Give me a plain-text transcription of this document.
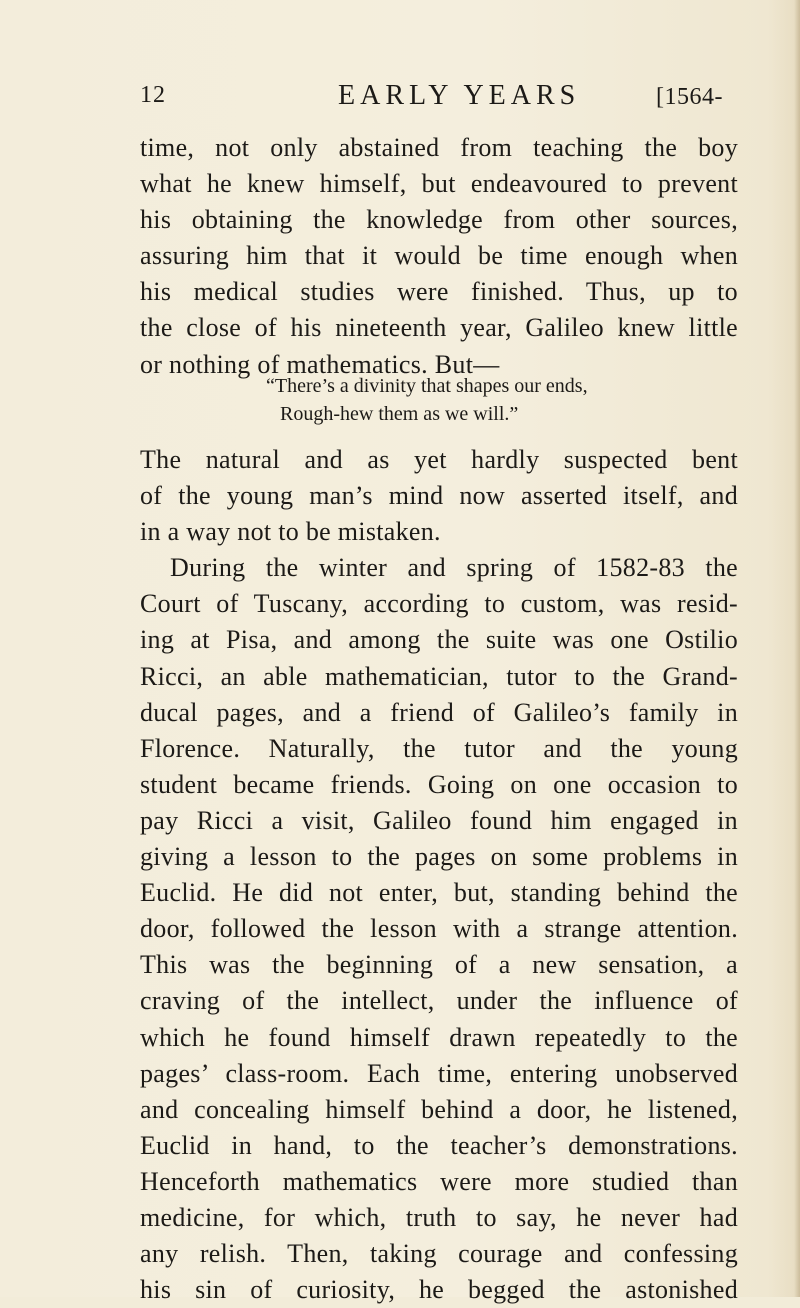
12	EARLY YEARS	[1564-
time, not only abstained from teaching the boy
what he knew himself, but endeavoured to prevent
his obtaining the knowledge from other sources,
assuring him that it would be time enough when
his medical studies were finished. Thus, up to
the close of his nineteenth year, Galileo knew little
or nothing of mathematics. But—
“There’s a divinity that shapes our ends,
Rough-hew them as we will.”
The natural and as yet hardly suspected bent
of the young man’s mind now asserted itself, and
in a way not to be mistaken.
During the winter and spring of 1582-83 the
Court of Tuscany, according to custom, was resid-
ing at Pisa, and among the suite was one Ostilio
Ricci, an able mathematician, tutor to the Grand-
ducal pages, and a friend of Galileo’s family in
Florence. Naturally, the tutor and the young
student became friends. Going on one occasion to
pay Ricci a visit, Galileo found him engaged in
giving a lesson to the pages on some problems in
Euclid. He did not enter, but, standing behind the
door, followed the lesson with a strange attention.
This was the beginning of a new sensation, a
craving of the intellect, under the influence of
which he found himself drawn repeatedly to the
pages’ class-room. Each time, entering unobserved
and concealing himself behind a door, he listened,
Euclid in hand, to the teacher’s demonstrations.
Henceforth mathematics were more studied than
medicine, for which, truth to say, he never had
any relish. Then, taking courage and confessing
his sin of curiosity, he begged the astonished
